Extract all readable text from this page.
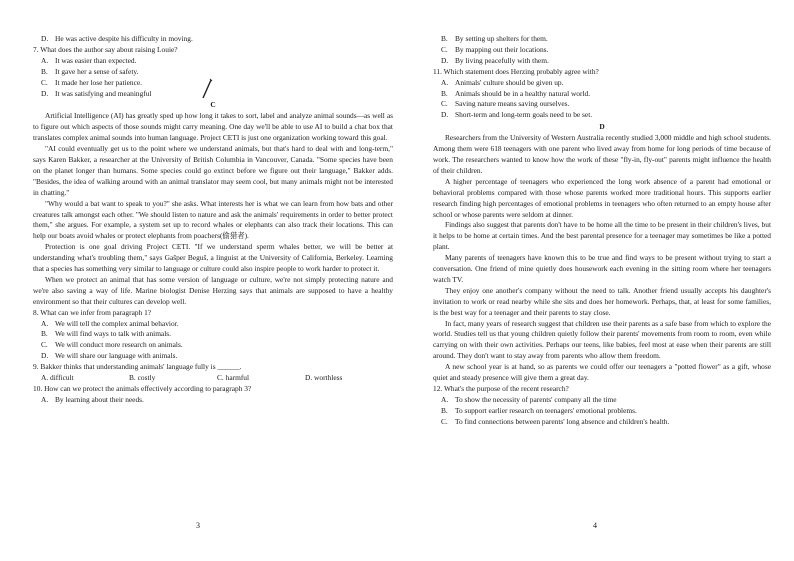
D. He was active despite his difficulty in moving.

7. What does the author say about raising Louie?

A. It was easier than expected.

B. It gave her a sense of safety.

C. It made her lose her patience.

D. It was satisfying and meaningful

C

Artificial Intelligence (AI) has greatly sped up how long it takes to sort, label and analyze animal sounds—as well as to figure out which aspects of those sounds might carry meaning. One day we'll be able to use AI to build a chat box that translates complex animal sounds into human language. Project CETI is just one organization working toward this goal.

"AI could eventually get us to the point where we understand animals, but that's hard to deal with and long-term," says Karen Bakker, a researcher at the University of British Columbia in Vancouver, Canada. "Some species have been on the planet longer than humans. Some species could go extinct before we figure out their language," Bakker adds. "Besides, the idea of walking around with an animal translator may seem cool, but many animals might not be interested in chatting."

"Why would a bat want to speak to you?" she asks. What interests her is what we can learn from how bats and other creatures talk amongst each other. "We should listen to nature and ask the animals' requirements in order to better protect them," she argues. For example, a system set up to record whales or elephants can also track their locations. This can help our boats avoid whales or protect elephants from poachers(偷猎者).

Protection is one goal driving Project CETI. "If we understand sperm whales better, we will be better at understanding what's troubling them," says Gašper Beguš, a linguist at the University of California, Berkeley. Learning that a species has something very similar to language or culture could also inspire people to work harder to protect it.

When we protect an animal that has some version of language or culture, we're not simply protecting nature and we're also saving a way of life. Marine biologist Denise Herzing says that animals are supposed to have a healthy environment so that their cultures can develop well.

8. What can we infer from paragraph 1?

A. We will tell the complex animal behavior.

B. We will find ways to talk with animals.

C. We will conduct more research on animals.

D. We will share our language with animals.

9. Bakker thinks that understanding animals' language fully is ______.

A. difficult	B. costly	C. harmful	D. worthless

10. How can we protect the animals effectively according to paragraph 3?

A. By learning about their needs.

3

B. By setting up shelters for them.

C. By mapping out their locations.

D. By living peacefully with them.

11. Which statement does Herzing probably agree with?

A. Animals' culture should be given up.

B. Animals should be in a healthy natural world.

C. Saving nature means saving ourselves.

D. Short-term and long-term goals need to be set.

D

Researchers from the University of Western Australia recently studied 3,000 middle and high school students. Among them were 618 teenagers with one parent who lived away from home for long periods of time because of work. The researchers wanted to know how the work of these "fly-in, fly-out" parents might influence the health of their children.

A higher percentage of teenagers who experienced the long work absence of a parent had emotional or behavioral problems compared with those whose parents worked more traditional hours. This supports earlier research finding high percentages of emotional problems in teenagers who often returned to an empty house after school or whose parents were seldom at dinner.

Findings also suggest that parents don't have to be home all the time to be present in their children's lives, but it helps to be home at certain times. And the best parental presence for a teenager may sometimes be like a potted plant.

Many parents of teenagers have known this to be true and find ways to be present without trying to start a conversation. One friend of mine quietly does housework each evening in the sitting room where her teenagers watch TV.

They enjoy one another's company without the need to talk. Another friend usually accepts his daughter's invitation to work or read nearby while she sits and does her homework. Perhaps, that, at least for some families, is the best way for a teenager and their parents to stay close.

In fact, many years of research suggest that children use their parents as a safe base from which to explore the world. Studies tell us that young children quietly follow their parents' movements from room to room, even while carrying on with their own activities. Perhaps our teens, like babies, feel most at ease when their parents are still around. They don't want to stay away from parents who allow them freedom.

A new school year is at hand, so as parents we could offer our teenagers a "potted flower" as a gift, whose quiet and steady presence will give them a great day.

12. What's the purpose of the recent research?

A. To show the necessity of parents' company all the time

B. To support earlier research on teenagers' emotional problems.

C. To find connections between parents' long absence and children's health.

4
